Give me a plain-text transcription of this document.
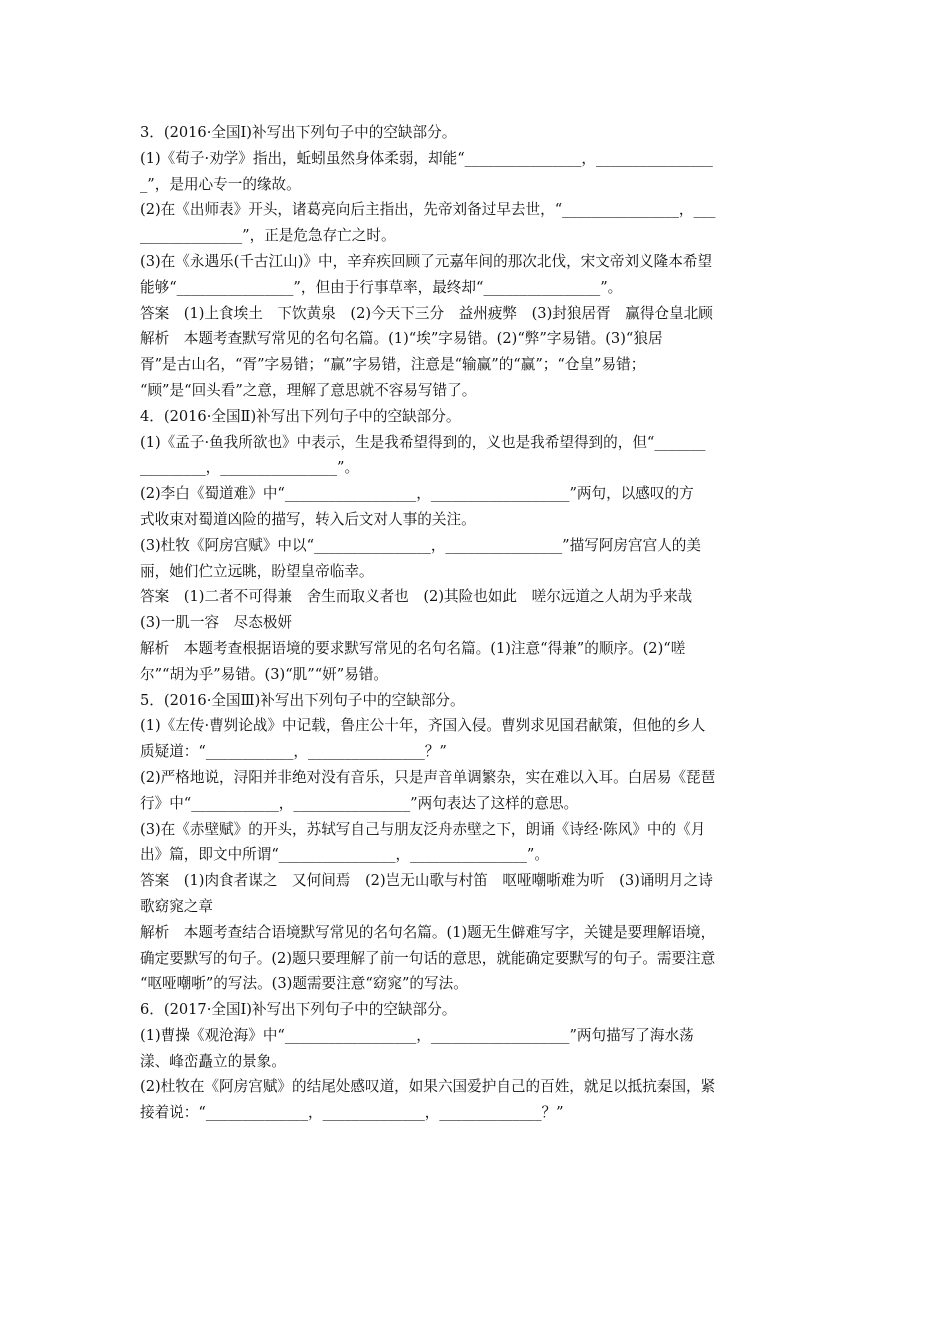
3．(2016·全国Ⅰ)补写出下列句子中的空缺部分。
(1)《荀子·劝学》指出，蚯蚓虽然身体柔弱，却能“________________，________________
_”，是用心专一的缘故。
(2)在《出师表》开头，诸葛亮向后主指出，先帝刘备过早去世，“________________，___
______________”，正是危急存亡之时。
(3)在《永遇乐(千古江山)》中，辛弃疾回顾了元嘉年间的那次北伐，宋文帝刘义隆本希望
能够“________________”，但由于行事草率，最终却“________________”。
答案　(1)上食埃土　下饮黄泉　(2)今天下三分　益州疲弊　(3)封狼居胥　赢得仓皇北顾
解析　本题考查默写常见的名句名篇。(1)“埃”字易错。(2)“弊”字易错。(3)“狼居
胥”是古山名，“胥”字易错；“赢”字易错，注意是“输赢”的“赢”；“仓皇”易错；
“顾”是“回头看”之意，理解了意思就不容易写错了。
4．(2016·全国Ⅱ)补写出下列句子中的空缺部分。
(1)《孟子·鱼我所欲也》中表示，生是我希望得到的，义也是我希望得到的，但“_______
_________，________________”。
(2)李白《蜀道难》中“__________________，___________________”两句，以感叹的方
式收束对蜀道凶险的描写，转入后文对人事的关注。
(3)杜牧《阿房宫赋》中以“________________，________________”描写阿房宫宫人的美
丽，她们伫立远眺，盼望皇帝临幸。
答案　(1)二者不可得兼　舍生而取义者也　(2)其险也如此　嗟尔远道之人胡为乎来哉
(3)一肌一容　尽态极妍
解析　本题考查根据语境的要求默写常见的名句名篇。(1)注意“得兼”的顺序。(2)“嗟
尔”“胡为乎”易错。(3)“肌”“妍”易错。
5．(2016·全国Ⅲ)补写出下列句子中的空缺部分。
(1)《左传·曹刿论战》中记载，鲁庄公十年，齐国入侵。曹刿求见国君献策，但他的乡人
质疑道：“____________，________________？”
(2)严格地说，浔阳并非绝对没有音乐，只是声音单调繁杂，实在难以入耳。白居易《琵琶
行》中“____________，________________”两句表达了这样的意思。
(3)在《赤壁赋》的开头，苏轼写自己与朋友泛舟赤壁之下，朗诵《诗经·陈风》中的《月
出》篇，即文中所谓“________________，________________”。
答案　(1)肉食者谋之　又何间焉　(2)岂无山歌与村笛　呕哑嘲哳难为听　(3)诵明月之诗
歌窈窕之章
解析　本题考查结合语境默写常见的名句名篇。(1)题无生僻难写字，关键是要理解语境，
确定要默写的句子。(2)题只要理解了前一句话的意思，就能确定要默写的句子。需要注意
“呕哑嘲哳”的写法。(3)题需要注意“窈窕”的写法。
6．(2017·全国Ⅰ)补写出下列句子中的空缺部分。
(1)曹操《观沧海》中“__________________，___________________”两句描写了海水荡
漾、峰峦矗立的景象。
(2)杜牧在《阿房宫赋》的结尾处感叹道，如果六国爱护自己的百姓，就足以抵抗秦国，紧
接着说：“______________，______________，______________？”
